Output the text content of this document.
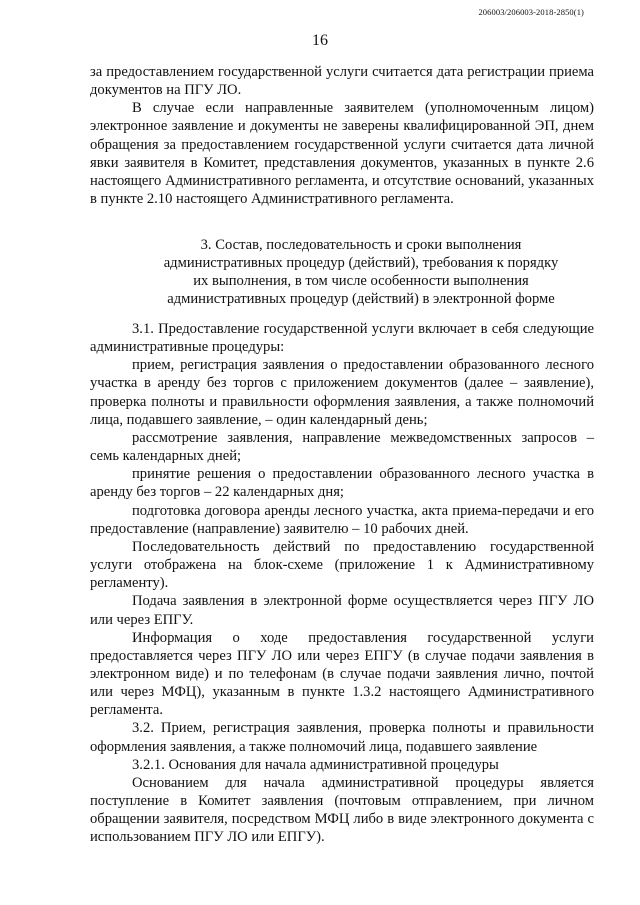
206003/206003-2018-2850(1)
16

за предоставлением государственной услуги считается дата регистрации приема документов на ПГУ ЛО.

В случае если направленные заявителем (уполномоченным лицом) электронное заявление и документы не заверены квалифицированной ЭП, днем обращения за предоставлением государственной услуги считается дата личной явки заявителя в Комитет, представления документов, указанных в пункте 2.6 настоящего Административного регламента, и отсутствие оснований, указанных в пункте 2.10 настоящего Административного регламента.

3. Состав, последовательность и сроки выполнения

административных процедур (действий), требования к порядку

их выполнения, в том числе особенности выполнения

административных процедур (действий) в электронной форме

3.1. Предоставление государственной услуги включает в себя следующие административные процедуры:

прием, регистрация заявления о предоставлении образованного лесного участка в аренду без торгов с приложением документов (далее – заявление), проверка полноты и правильности оформления заявления, а также полномочий лица, подавшего заявление, – один календарный день;

рассмотрение заявления, направление межведомственных запросов – семь календарных дней;

принятие решения о предоставлении образованного лесного участка в аренду без торгов – 22 календарных дня;

подготовка договора аренды лесного участка, акта приема-передачи и его предоставление (направление) заявителю – 10 рабочих дней.

Последовательность действий по предоставлению государственной услуги отображена на блок-схеме (приложение 1 к Административному регламенту).

Подача заявления в электронной форме осуществляется через ПГУ ЛО или через ЕПГУ.

Информация о ходе предоставления государственной услуги предоставляется через ПГУ ЛО или через ЕПГУ (в случае подачи заявления в электронном виде) и по телефонам (в случае подачи заявления лично, почтой или через МФЦ), указанным в пункте 1.3.2 настоящего Административного регламента.

3.2. Прием, регистрация заявления, проверка полноты и правильности оформления заявления, а также полномочий лица, подавшего заявление

3.2.1. Основания для начала административной процедуры

Основанием для начала административной процедуры является поступление в Комитет заявления (почтовым отправлением, при личном обращении заявителя, посредством МФЦ либо в виде электронного документа с использованием ПГУ ЛО или ЕПГУ).
